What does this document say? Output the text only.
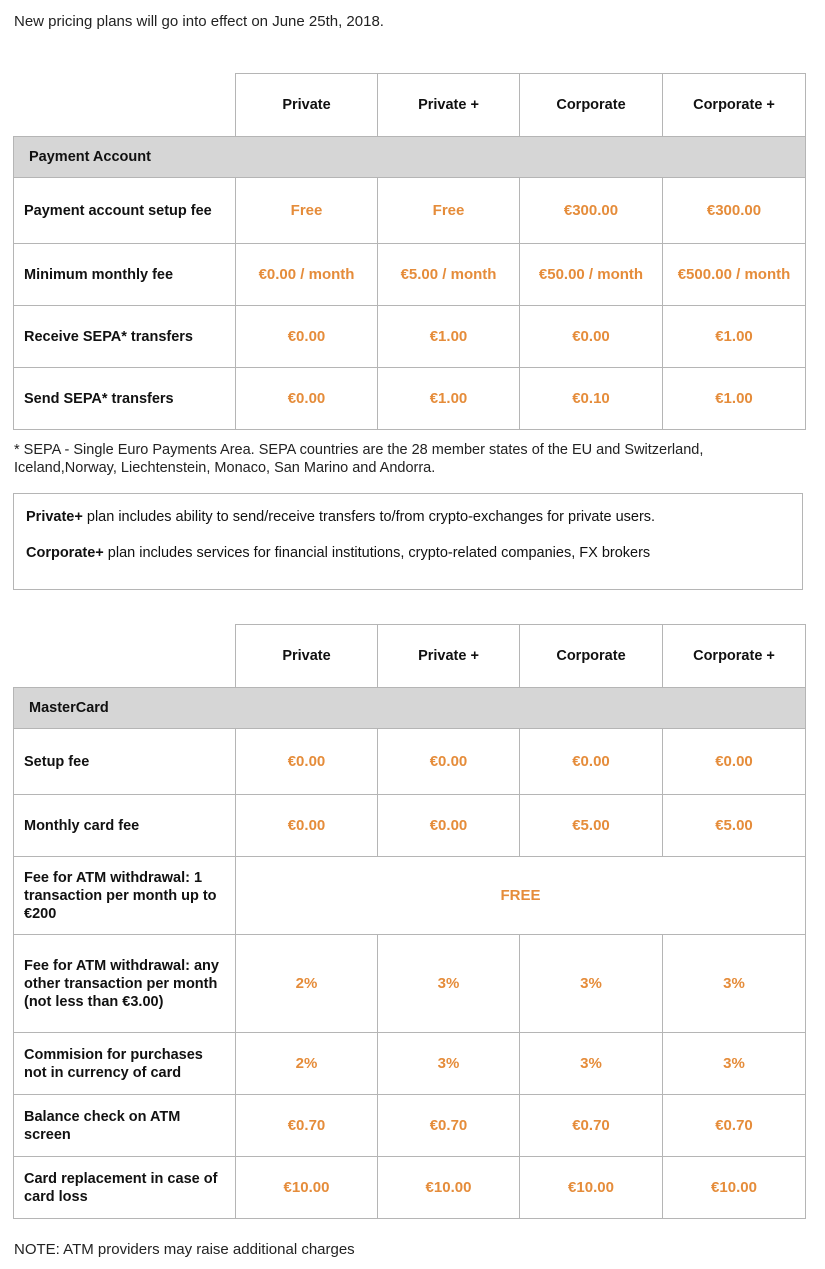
New pricing plans will go into effect on June 25th, 2018.
	Private	Private +	Corporate	Corporate +
Payment Account				
Payment account setup fee	Free	Free	€300.00	€300.00
Minimum monthly fee	€0.00 / month	€5.00 / month	€50.00 / month	€500.00 / month
Receive SEPA* transfers	€0.00	€1.00	€0.00	€1.00
Send SEPA* transfers	€0.00	€1.00	€0.10	€1.00
* SEPA - Single Euro Payments Area. SEPA countries are the 28 member states of the EU and Switzerland, Iceland,Norway, Liechtenstein, Monaco, San Marino and Andorra.

Private+ plan includes ability to send/receive transfers to/from crypto-exchanges for private users.

Corporate+ plan includes services for financial institutions, crypto-related companies, FX brokers

	Private	Private +	Corporate	Corporate +
MasterCard				
Setup fee	€0.00	€0.00	€0.00	€0.00
Monthly card fee	€0.00	€0.00	€5.00	€5.00
Fee for ATM withdrawal: 1 transaction per month up to €200	FREE			
Fee for ATM withdrawal: any other transaction per month (not less than €3.00)	2%	3%	3%	3%
Commision for purchases not in currency of card	2%	3%	3%	3%
Balance check on ATM screen	€0.70	€0.70	€0.70	€0.70
Card replacement in case of card loss	€10.00	€10.00	€10.00	€10.00
NOTE: ATM providers may raise additional charges
